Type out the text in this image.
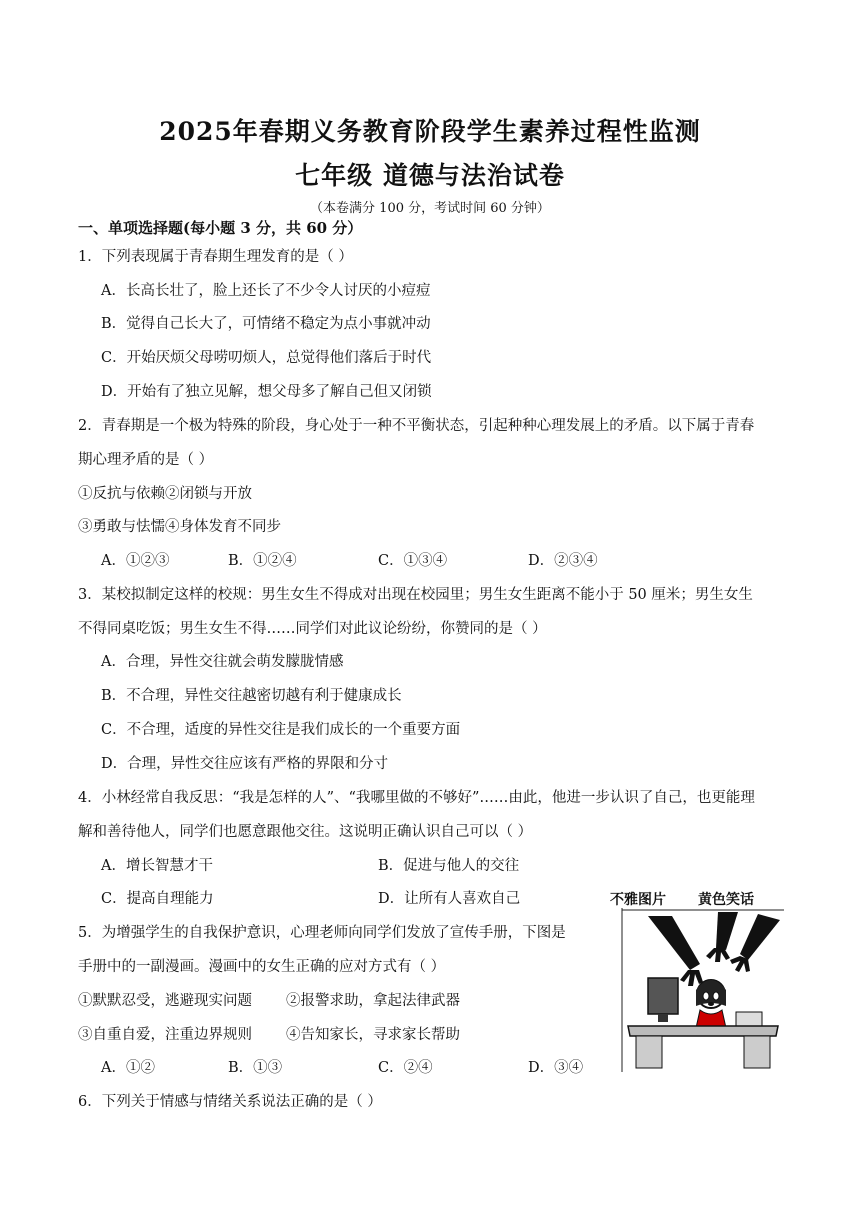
2025年春期义务教育阶段学生素养过程性监测
七年级 道德与法治试卷
（本卷满分 100 分，考试时间 60 分钟）
一、单项选择题(每小题 3 分，共 60 分）
1．下列表现属于青春期生理发育的是（ ）
A．长高长壮了，脸上还长了不少令人讨厌的小痘痘
B．觉得自己长大了，可情绪不稳定为点小事就冲动
C．开始厌烦父母唠叨烦人，总觉得他们落后于时代
D．开始有了独立见解，想父母多了解自己但又闭锁
2．青春期是一个极为特殊的阶段，身心处于一种不平衡状态，引起种种心理发展上的矛盾。以下属于青春
期心理矛盾的是（ ）
①反抗与依赖②闭锁与开放
③勇敢与怯懦④身体发育不同步
A．①②③	B．①②④	C．①③④	D．②③④
3．某校拟制定这样的校规：男生女生不得成对出现在校园里；男生女生距离不能小于 50 厘米；男生女生
不得同桌吃饭；男生女生不得……同学们对此议论纷纷，你赞同的是（ ）
A．合理，异性交往就会萌发朦胧情感
B．不合理，异性交往越密切越有利于健康成长
C．不合理，适度的异性交往是我们成长的一个重要方面
D．合理，异性交往应该有严格的界限和分寸
4．小林经常自我反思：“我是怎样的人”、“我哪里做的不够好”……由此，他进一步认识了自己，也更能理
解和善待他人，同学们也愿意跟他交往。这说明正确认识自己可以（ ）
A．增长智慧才干	B．促进与他人的交往
C．提高自理能力	D．让所有人喜欢自己
5．为增强学生的自我保护意识，心理老师向同学们发放了宣传手册，下图是
手册中的一副漫画。漫画中的女生正确的应对方式有（ ）
①默默忍受，逃避现实问题 ②报警求助，拿起法律武器
③自重自爱，注重边界规则 ④告知家长，寻求家长帮助
A．①②	B．①③	C．②④	D．③④
不雅图片 黄色笑话
6．下列关于情感与情绪关系说法正确的是（ ）
